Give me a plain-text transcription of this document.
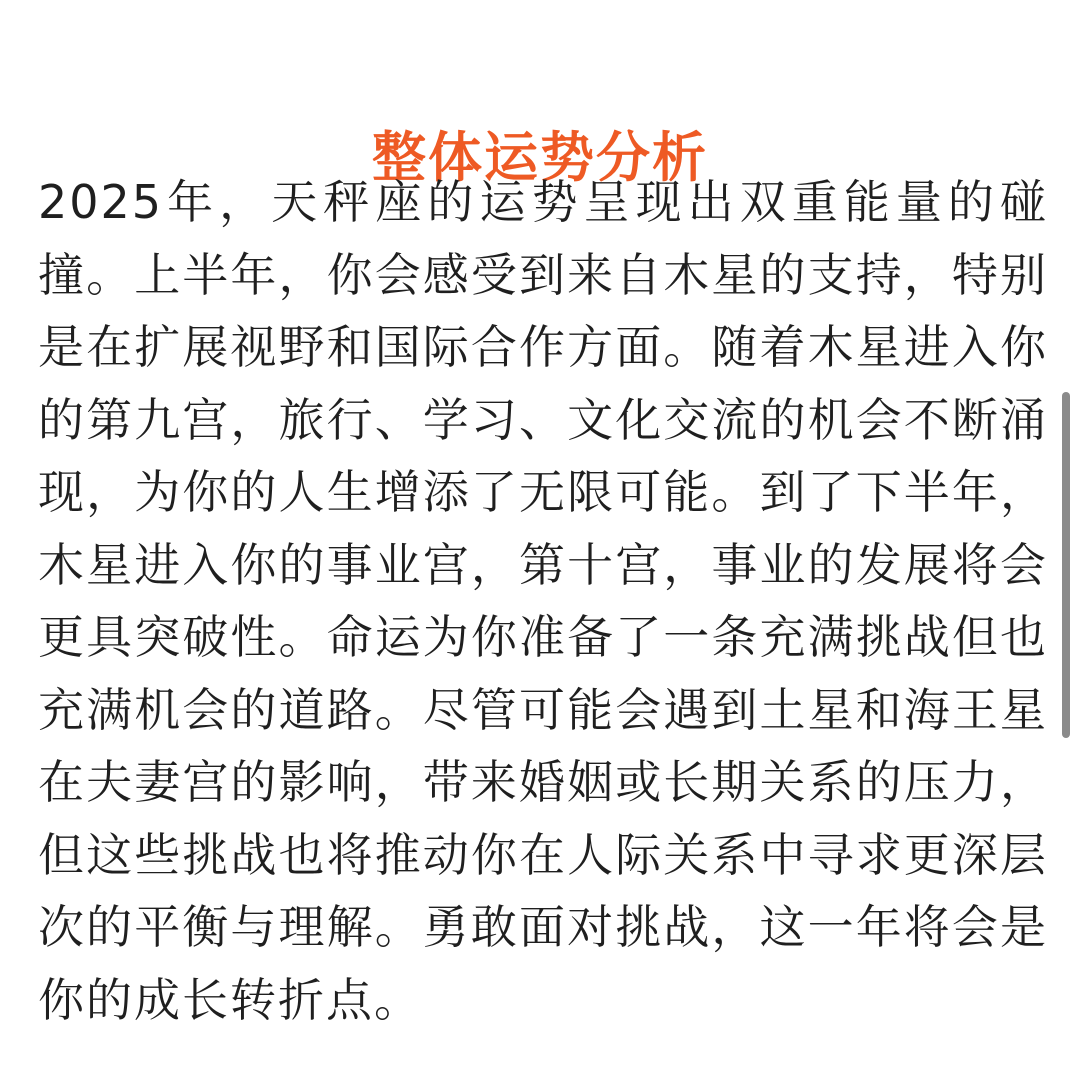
整体运势分析

2025年，天秤座的运势呈现出双重能量的碰撞。上半年，你会感受到来自木星的支持，特别是在扩展视野和国际合作方面。随着木星进入你的第九宫，旅行、学习、文化交流的机会不断涌现，为你的人生增添了无限可能。到了下半年，木星进入你的事业宫，第十宫，事业的发展将会更具突破性。命运为你准备了一条充满挑战但也充满机会的道路。尽管可能会遇到土星和海王星在夫妻宫的影响，带来婚姻或长期关系的压力，但这些挑战也将推动你在人际关系中寻求更深层次的平衡与理解。勇敢面对挑战，这一年将会是你的成长转折点。
